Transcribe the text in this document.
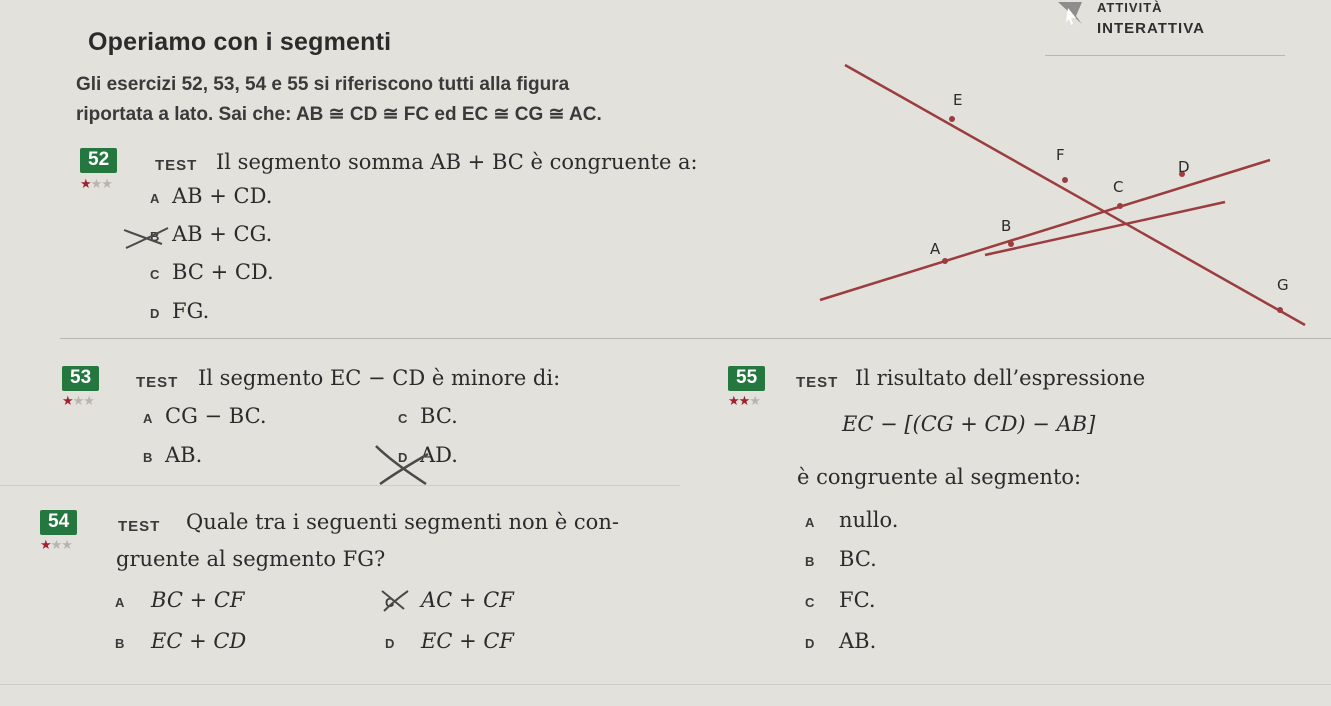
Operiamo con i segmenti
ATTIVITÀ
INTERATTIVA
Gli esercizi 52, 53, 54 e 55 si riferiscono tutti alla figura
riportata a lato. Sai che: AB ≅ CD ≅ FC ed EC ≅ CG ≅ AC.
E
F
D
C
B
A
G
52	TEST Il segmento somma AB + BC è congruente a:
★★★
A AB + CD.
B AB + CG.
C BC + CD.
D FG.
53	TEST Il segmento EC − CD è minore di:
★★★
A CG − BC.
B AB.
C BC.
D AD.
54	TEST Quale tra i seguenti segmenti non è con-
gruente al segmento FG?
★★★
A BC + CF
B EC + CD
C AC + CF
D EC + CF
55	TEST Il risultato dell’espressione
★★★
EC − [(CG + CD) − AB]
è congruente al segmento:
A nullo.
B BC.
C FC.
D AB.
